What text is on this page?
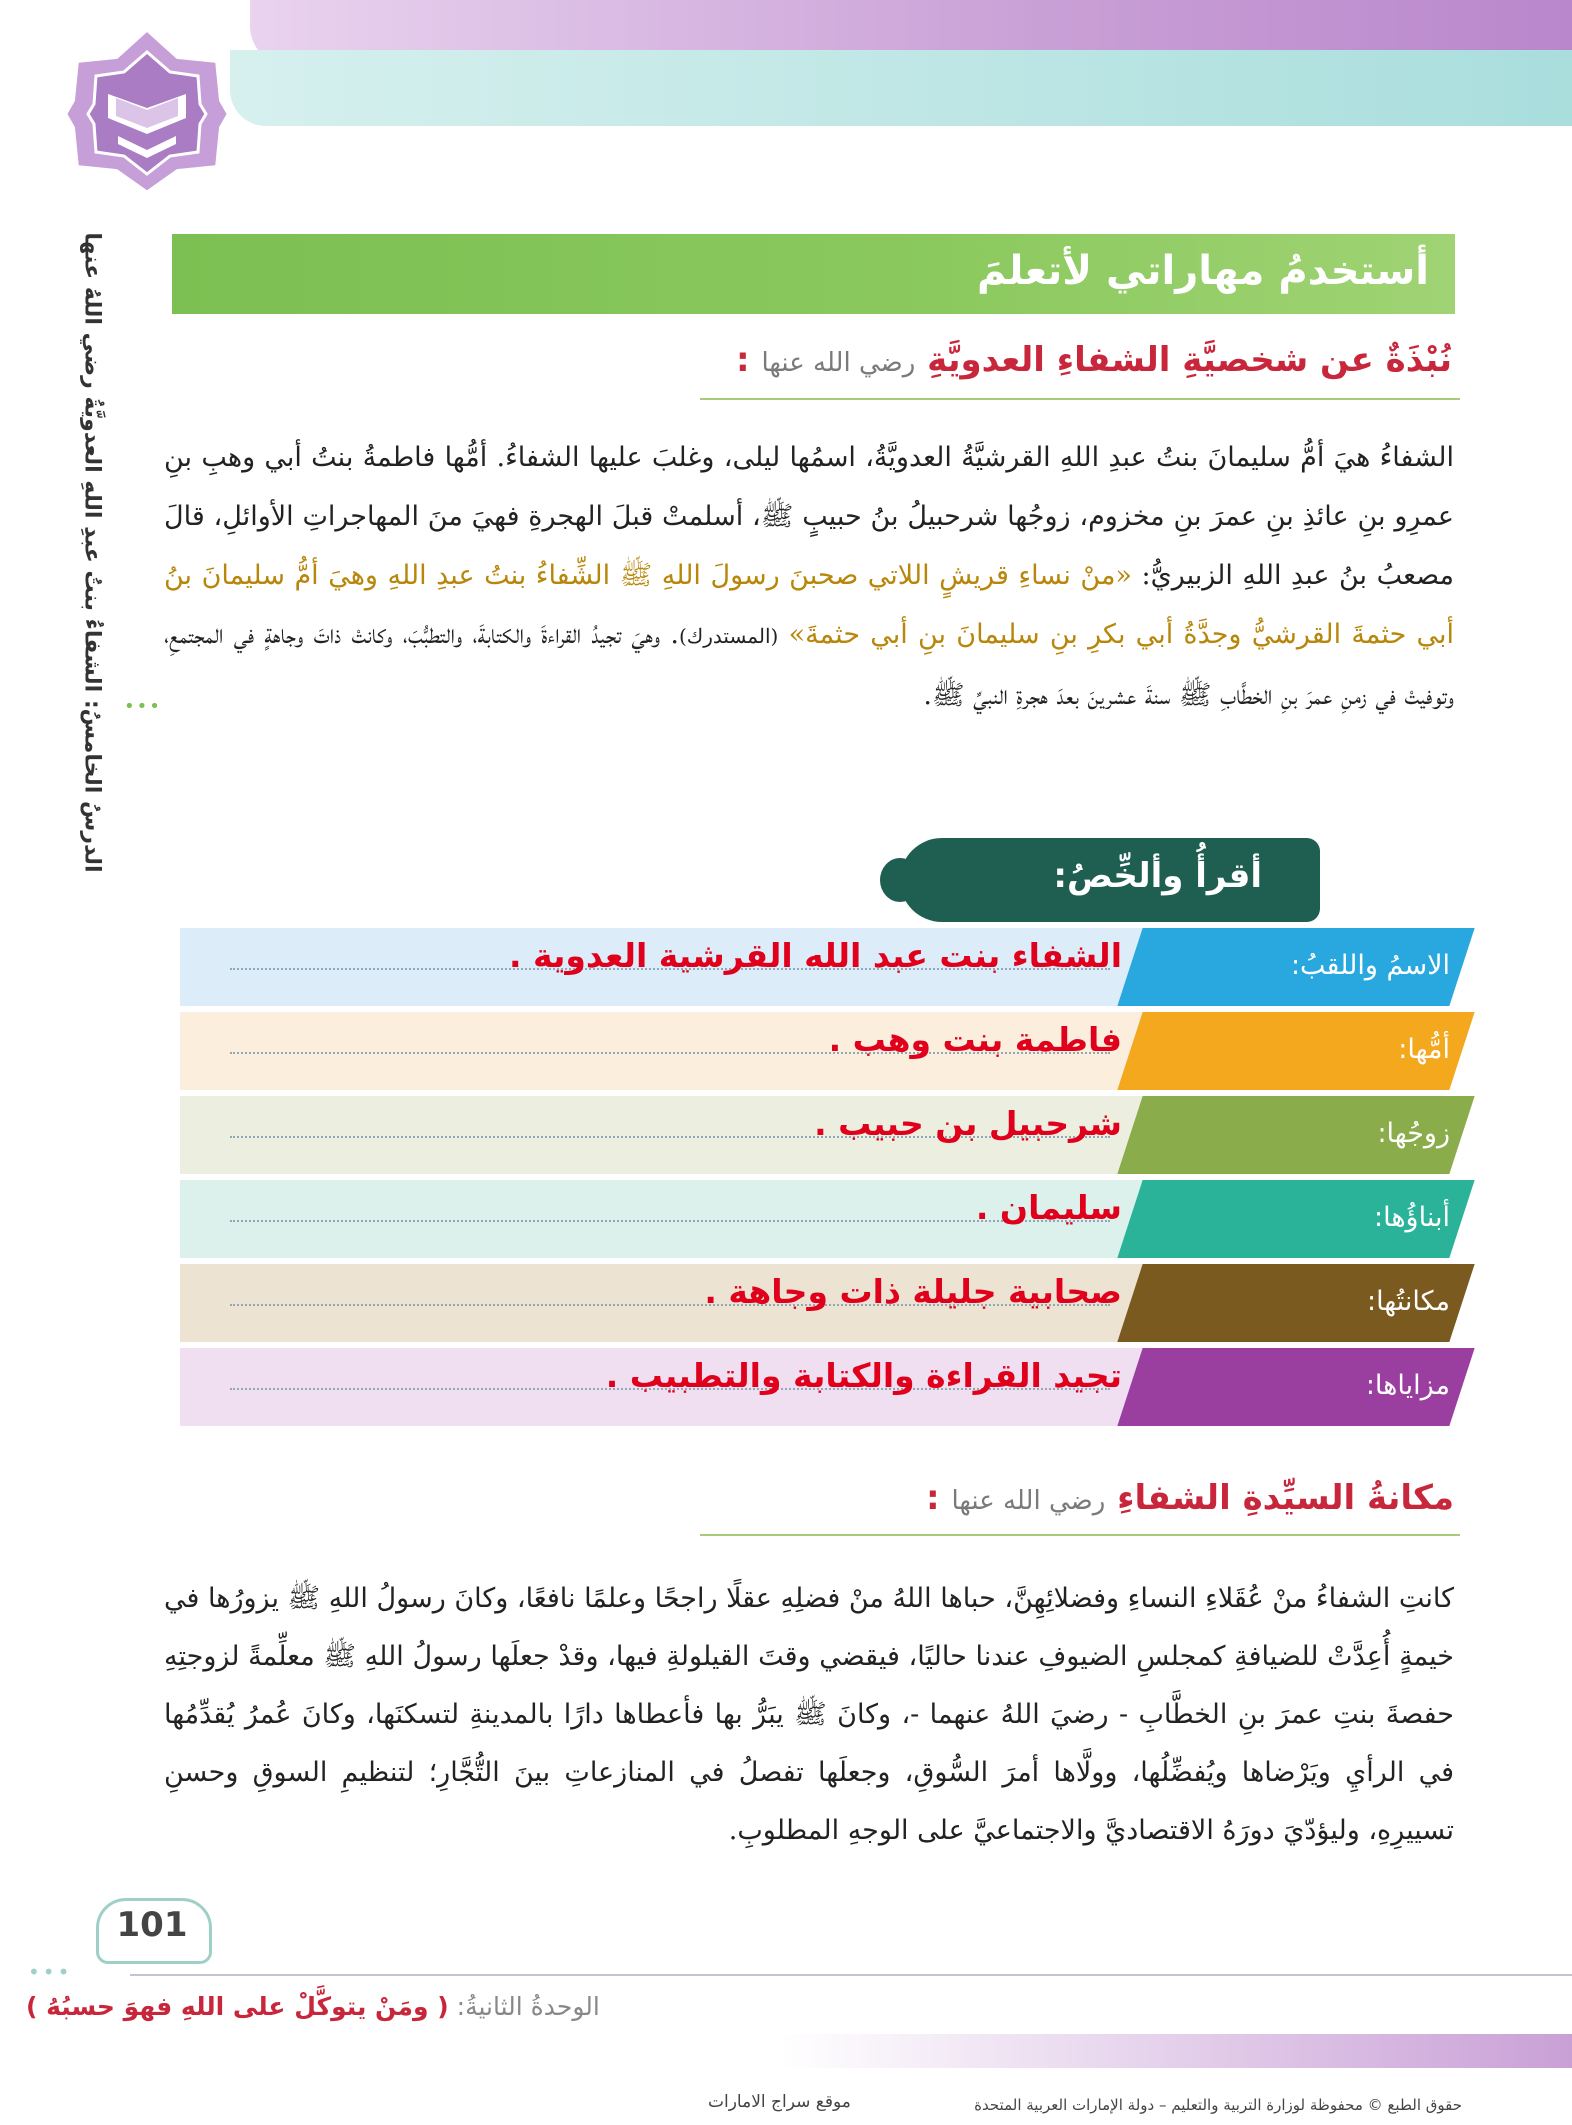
الدرسُ الخامسُ: الشفاءُ بنتُ عبدِ اللهِ العدويَّةُ رضي اللهُ عنها •••
أستخدمُ مهاراتي لأتعلمَ
نُبْذَةٌ عن شخصيَّةِ الشفاءِ العدويَّةِ رضي الله عنها :
الشفاءُ هيَ أمُّ سليمانَ بنتُ عبدِ اللهِ القرشيَّةُ العدويَّةُ، اسمُها ليلى، وغلبَ عليها الشفاءُ. أمُّها فاطمةُ بنتُ أبي وهبِ بنِ عمرِو بنِ عائذِ بنِ عمرَ بنِ مخزوم، زوجُها شرحبيلُ بنُ حبيبٍ ﷺ، أسلمتْ قبلَ الهجرةِ فهيَ منَ المهاجراتِ الأوائلِ، قالَ مصعبُ بنُ عبدِ اللهِ الزبيريُّ: «منْ نساءِ قريشٍ اللاتي صحبنَ رسولَ اللهِ ﷺ الشِّفاءُ بنتُ عبدِ اللهِ وهيَ أمُّ سليمانَ بنُ أبي حثمةَ القرشيُّ وجدَّةُ أبي بكرِ بنِ سليمانَ بنِ أبي حثمةَ» (المستدرك). وهيَ تجيدُ القراءةَ والكتابةَ، والتطبُّبَ، وكانتْ ذاتَ وجاهةٍ في المجتمعِ، وتوفيتْ في زمنِ عمرَ بنِ الخطَّابِ ﷺ سنةَ عشرينَ بعدَ هجرةِ النبيِّ ﷺ.
أقرأُ وألخِّصُ:
الاسمُ واللقبُ:
الشفاء بنت عبد الله القرشية العدوية .
أمُّها:
فاطمة بنت وهب .
زوجُها:
شرحبيل بن حبيب .
أبناؤُها:
سليمان .
مكانتُها:
صحابية جليلة ذات وجاهة .
مزاياها:
تجيد القراءة والكتابة والتطبيب .
مكانةُ السيِّدةِ الشفاءِ رضي الله عنها :
كانتِ الشفاءُ منْ عُقَلاءِ النساءِ وفضلائِهِنَّ، حباها اللهُ منْ فضلِهِ عقلًا راجحًا وعلمًا نافعًا، وكانَ رسولُ اللهِ ﷺ يزورُها في خيمةٍ أُعِدَّتْ للضيافةِ كمجلسِ الضيوفِ عندنا حاليًا، فيقضي وقتَ القيلولةِ فيها، وقدْ جعلَها رسولُ اللهِ ﷺ معلِّمةً لزوجتِهِ حفصةَ بنتِ عمرَ بنِ الخطَّابِ - رضيَ اللهُ عنهما -، وكانَ ﷺ يبَرُّ بها فأعطاها دارًا بالمدينةِ لتسكنَها، وكانَ عُمرُ يُقدِّمُها في الرأيِ ويَرْضاها ويُفضِّلُها، وولَّاها أمرَ السُّوقِ، وجعلَها تفصلُ في المنازعاتِ بينَ التُّجَّارِ؛ لتنظيمِ السوقِ وحسنِ تسييرِهِ، وليؤدّيَ دورَهُ الاقتصاديَّ والاجتماعيَّ على الوجهِ المطلوبِ.
101
•••
الوحدةُ الثانيةُ: ( ومَنْ يتوكَّلْ على اللهِ فهوَ حسبُهُ )
حقوق الطبع © محفوظة لوزارة التربية والتعليم – دولة الإمارات العربية المتحدة
موقع سراج الامارات
